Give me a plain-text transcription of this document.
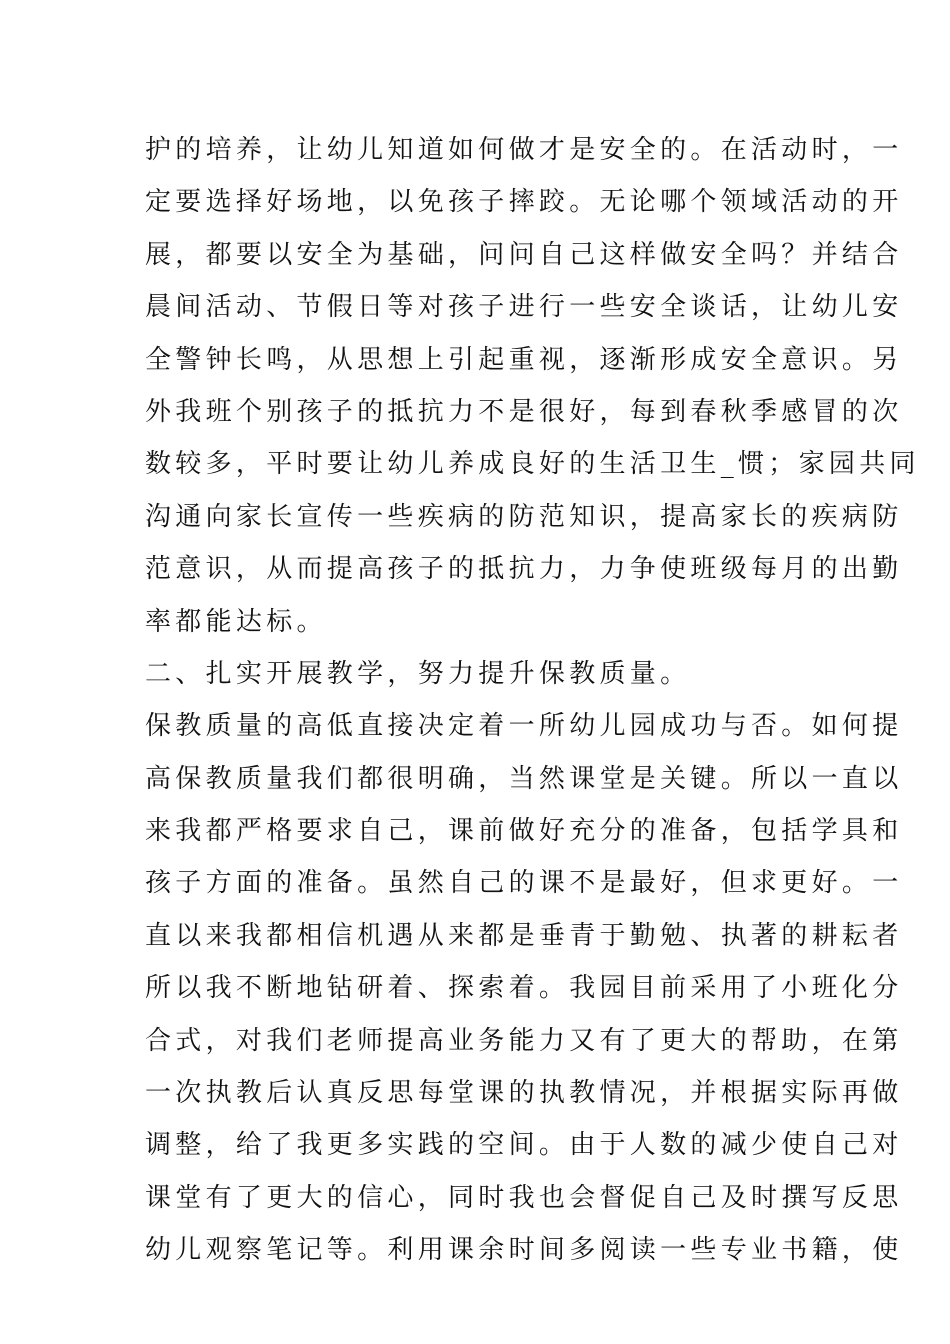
护的培养，让幼儿知道如何做才是安全的。在活动时，一
定要选择好场地，以免孩子摔跤。无论哪个领域活动的开
展，都要以安全为基础，问问自己这样做安全吗？并结合
晨间活动、节假日等对孩子进行一些安全谈话，让幼儿安
全警钟长鸣，从思想上引起重视，逐渐形成安全意识。另
外我班个别孩子的抵抗力不是很好，每到春秋季感冒的次
数较多，平时要让幼儿养成良好的生活卫生_惯；家园共同
沟通向家长宣传一些疾病的防范知识，提高家长的疾病防
范意识，从而提高孩子的抵抗力，力争使班级每月的出勤
率都能达标。
二、扎实开展教学，努力提升保教质量。
保教质量的高低直接决定着一所幼儿园成功与否。如何提
高保教质量我们都很明确，当然课堂是关键。所以一直以
来我都严格要求自己，课前做好充分的准备，包括学具和
孩子方面的准备。虽然自己的课不是最好，但求更好。一
直以来我都相信机遇从来都是垂青于勤勉、执著的耕耘者
所以我不断地钻研着、探索着。我园目前采用了小班化分
合式，对我们老师提高业务能力又有了更大的帮助，在第
一次执教后认真反思每堂课的执教情况，并根据实际再做
调整，给了我更多实践的空间。由于人数的减少使自己对
课堂有了更大的信心，同时我也会督促自己及时撰写反思
幼儿观察笔记等。利用课余时间多阅读一些专业书籍，使
